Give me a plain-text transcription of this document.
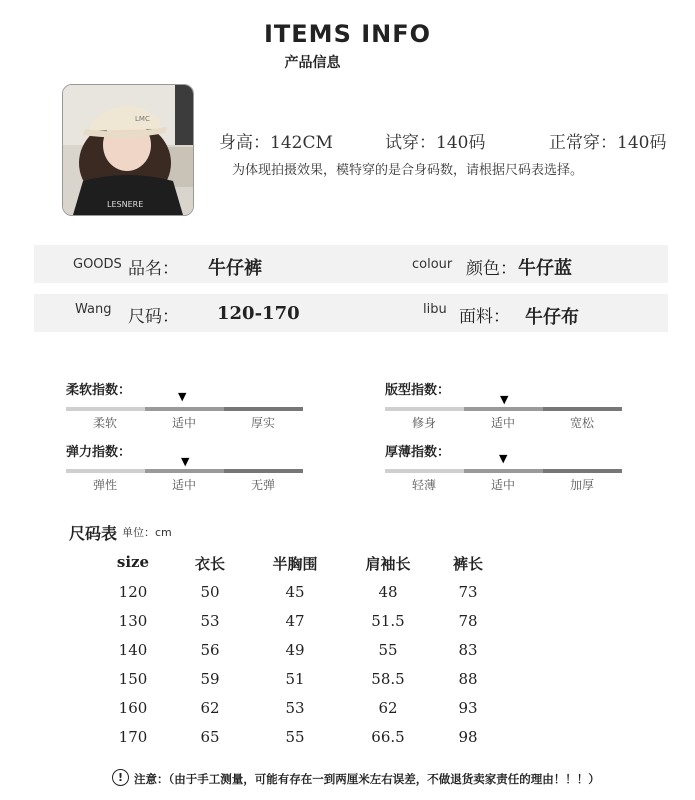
ITEMS INFO
产品信息
LMC
LESNERE
身高：142CM	试穿：140码	正常穿：140码
为体现拍摄效果，模特穿的是合身码数，请根据尺码表选择。
GOODS 品名： 牛仔裤	colour 颜色： 牛仔蓝
Wang 尺码： 120-170	libu 面料： 牛仔布
柔软指数：	▼
柔软	适中	厚实
版型指数：
▼
修身	适中	宽松
弹力指数：
▼
弹性	适中	无弹
厚薄指数：	▼
轻薄	适中	加厚
尺码表 单位：cm
size	衣长	半胸围	肩袖长	裤长
120	50	45	48	73
130	53	47	51.5	78
140	56	49	55	83
150	59	51	58.5	88
160	62	53	62	93
170	65	55	66.5	98
! 注意：（由于手工测量，可能有存在一到两厘米左右误差，不做退货卖家责任的理由！！！）
